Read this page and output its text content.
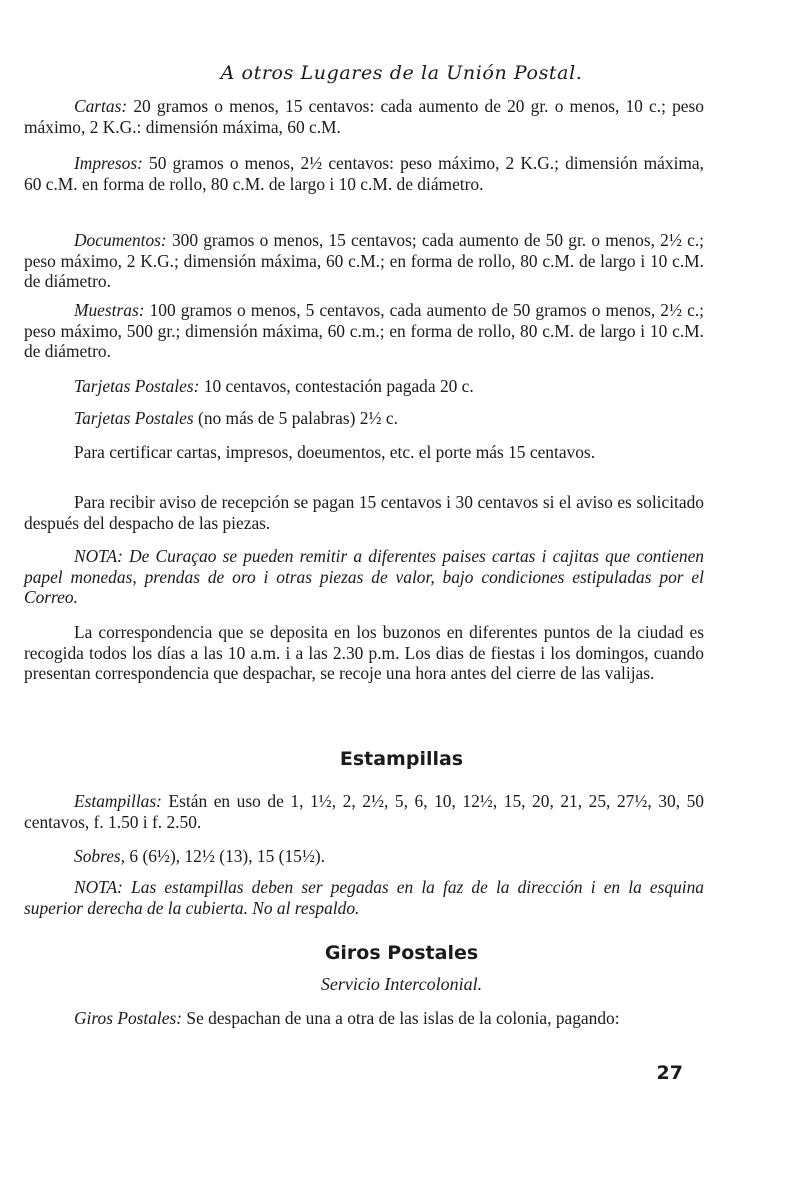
A otros Lugares de la Unión Postal.
Cartas: 20 gramos o menos, 15 centavos: cada aumento de 20 gr. o menos, 10 c.; peso máximo, 2 K.G.: dimensión máxima, 60 c.M.
Impresos: 50 gramos o menos, 2½ centavos: peso máximo, 2 K.G.; dimensión máxima, 60 c.M. en forma de rollo, 80 c.M. de largo i 10 c.M. de diámetro.
Documentos: 300 gramos o menos, 15 centavos; cada aumento de 50 gr. o menos, 2½ c.; peso máximo, 2 K.G.; dimensión máxima, 60 c.M.; en forma de rollo, 80 c.M. de largo i 10 c.M. de diámetro.
Muestras: 100 gramos o menos, 5 centavos, cada aumento de 50 gramos o menos, 2½ c.; peso máximo, 500 gr.; dimensión máxima, 60 c.m.; en forma de rollo, 80 c.M. de largo i 10 c.M. de diámetro.
Tarjetas Postales: 10 centavos, contestación pagada 20 c.
Tarjetas Postales (no más de 5 palabras) 2½ c.
Para certificar cartas, impresos, doeumentos, etc. el porte más 15 centavos.
Para recibir aviso de recepción se pagan 15 centavos i 30 centavos si el aviso es solicitado después del despacho de las piezas.
NOTA: De Curaçao se pueden remitir a diferentes paises cartas i cajitas que contienen papel monedas, prendas de oro i otras piezas de valor, bajo condiciones estipuladas por el Correo.
La correspondencia que se deposita en los buzonos en diferentes puntos de la ciudad es recogida todos los días a las 10 a.m. i a las 2.30 p.m. Los dias de fiestas i los domingos, cuando presentan correspondencia que despachar, se recoje una hora antes del cierre de las valijas.
Estampillas
Estampillas: Están en uso de 1, 1½, 2, 2½, 5, 6, 10, 12½, 15, 20, 21, 25, 27½, 30, 50 centavos, f. 1.50 i f. 2.50.
Sobres, 6 (6½), 12½ (13), 15 (15½).
NOTA: Las estampillas deben ser pegadas en la faz de la dirección i en la esquina superior derecha de la cubierta. No al respaldo.
Giros Postales
Servicio Intercolonial.
Giros Postales: Se despachan de una a otra de las islas de la colonia, pagando:
27
